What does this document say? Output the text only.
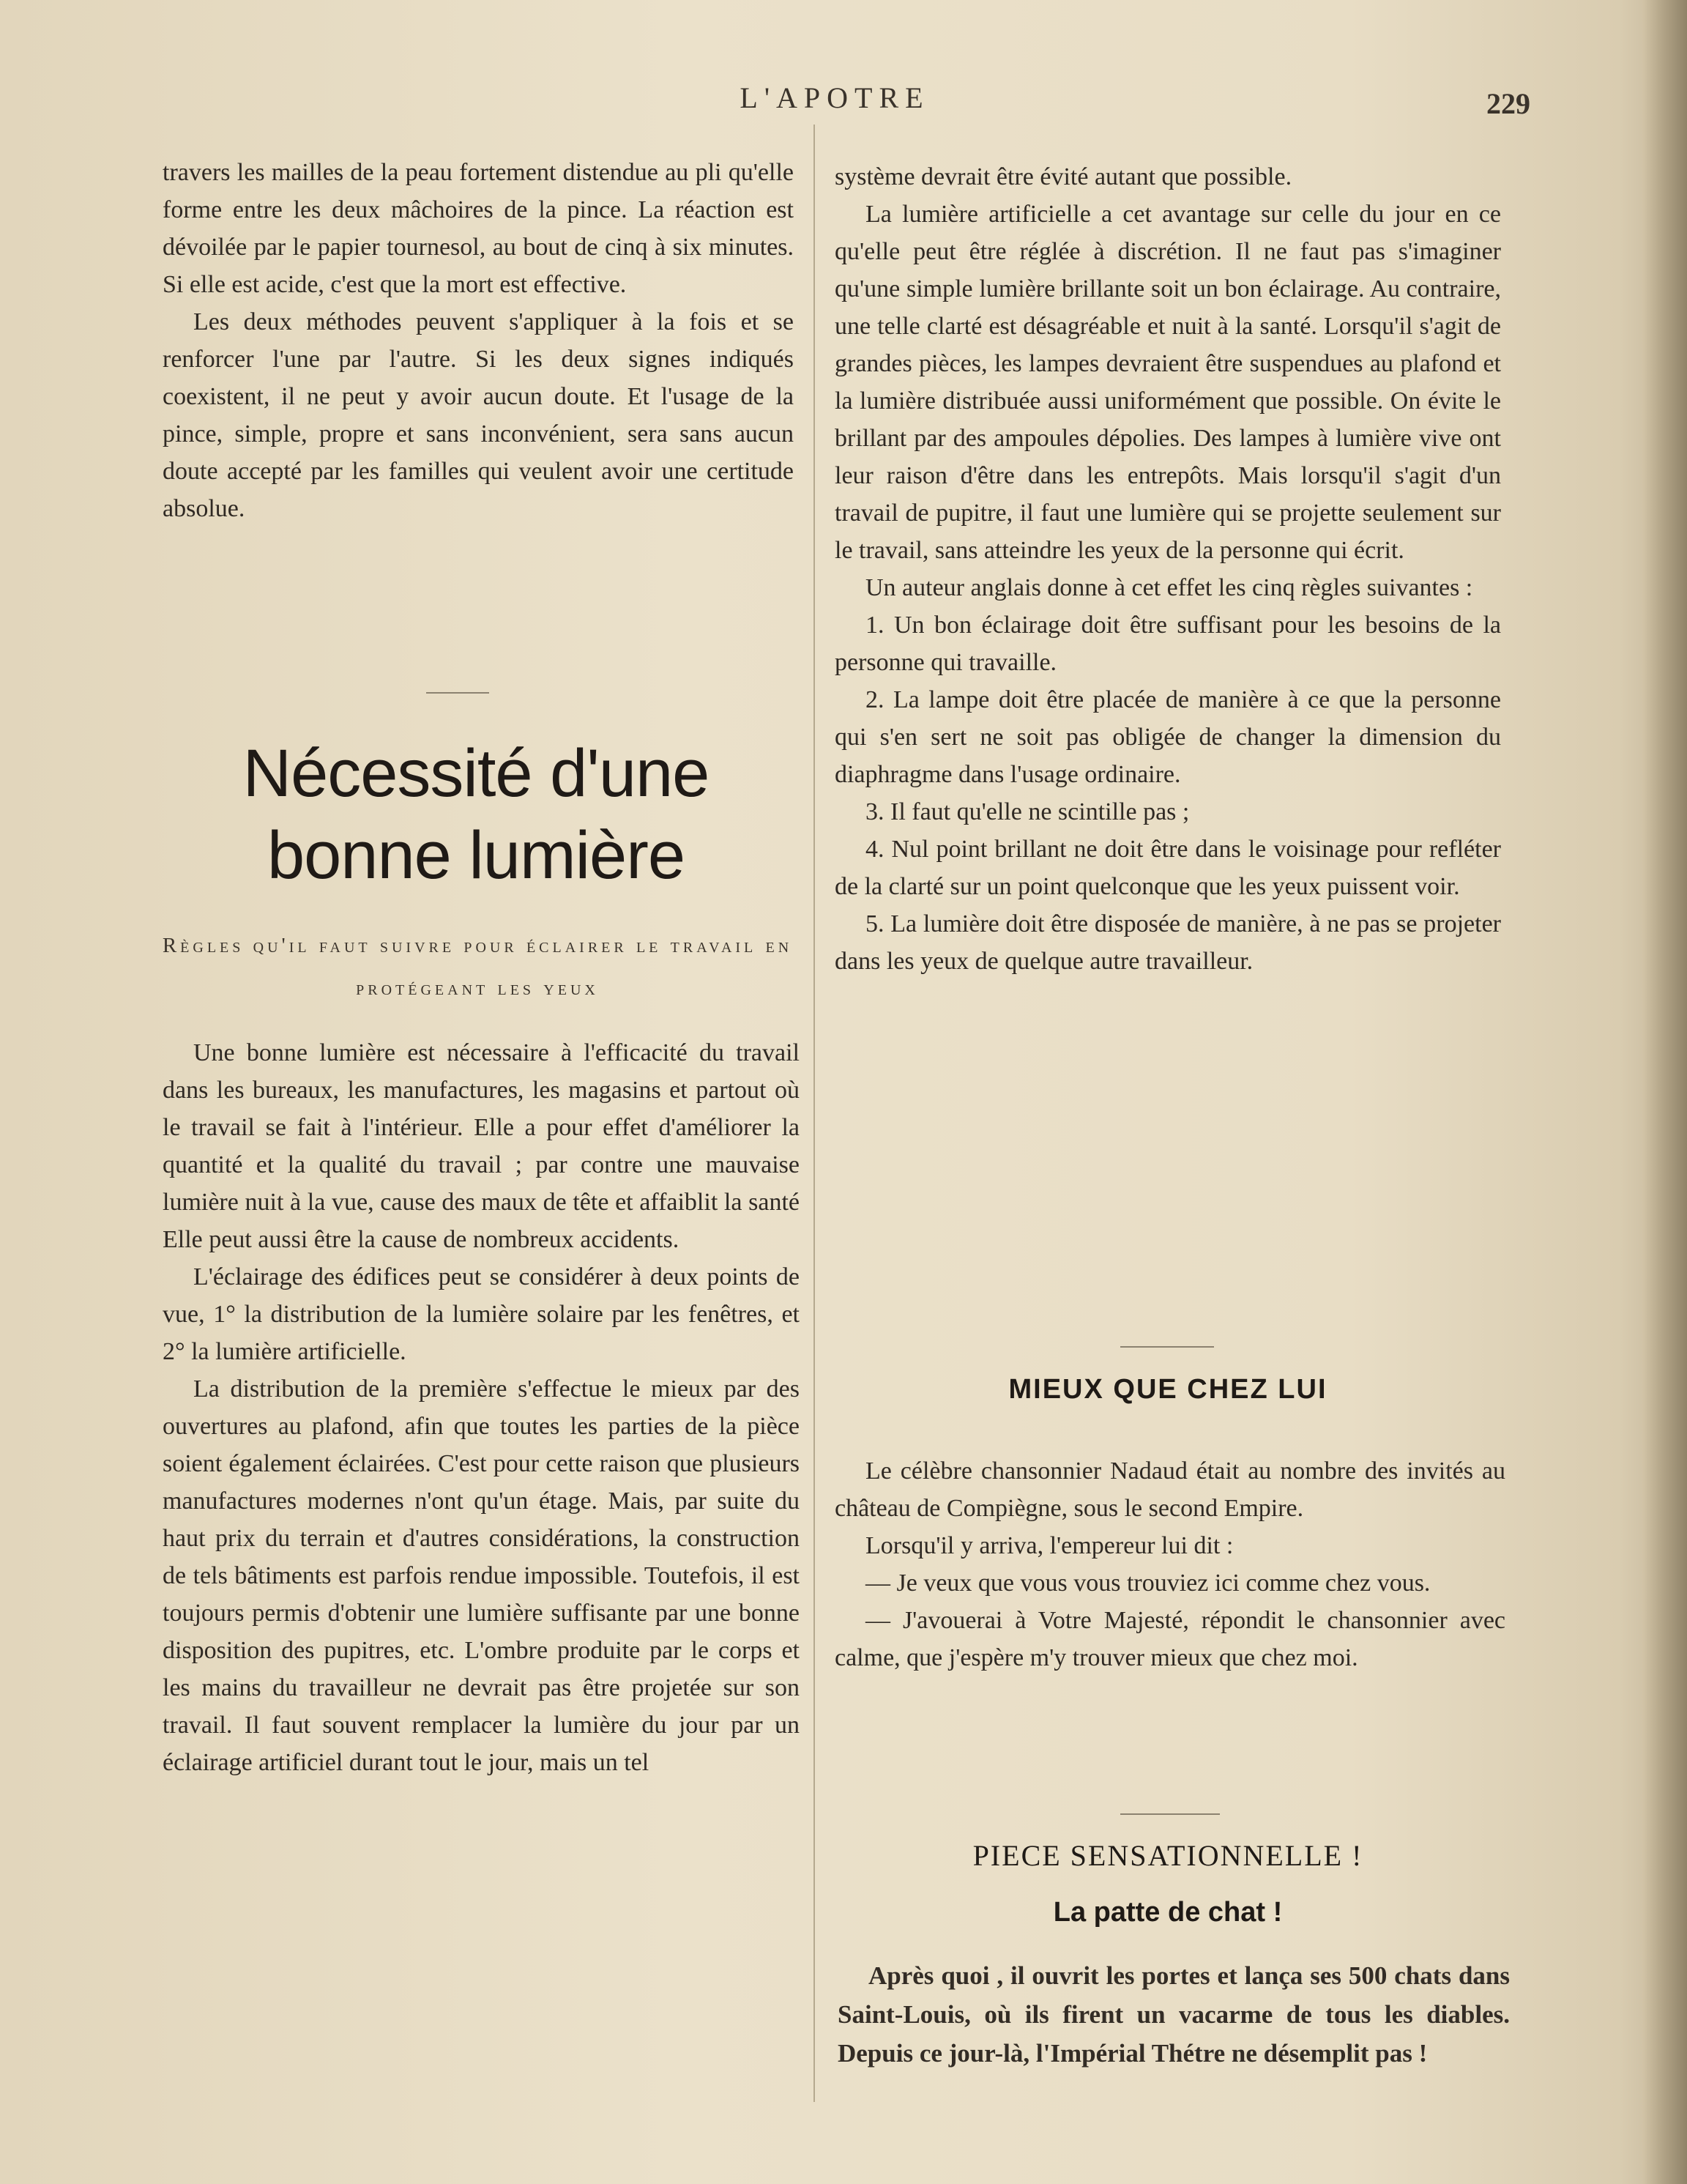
L'APOTRE	229

travers les mailles de la peau fortement distendue au pli qu'elle forme entre les deux mâchoires de la pince. La réaction est dévoilée par le papier tournesol, au bout de cinq à six minutes. Si elle est acide, c'est que la mort est effective.

Les deux méthodes peuvent s'appliquer à la fois et se renforcer l'une par l'autre. Si les deux signes indiqués coexistent, il ne peut y avoir aucun doute. Et l'usage de la pince, simple, propre et sans inconvénient, sera sans aucun doute accepté par les familles qui veulent avoir une certitude absolue.

Nécessité d'une bonne lumière
Règles qu'il faut suivre pour éclairer le travail en protégeant les yeux

Une bonne lumière est nécessaire à l'efficacité du travail dans les bureaux, les manufactures, les magasins et partout où le travail se fait à l'intérieur. Elle a pour effet d'améliorer la quantité et la qualité du travail ; par contre une mauvaise lumière nuit à la vue, cause des maux de tête et affaiblit la santé Elle peut aussi être la cause de nombreux accidents.

L'éclairage des édifices peut se considérer à deux points de vue, 1° la distribution de la lumière solaire par les fenêtres, et 2° la lumière artificielle.

La distribution de la première s'effectue le mieux par des ouvertures au plafond, afin que toutes les parties de la pièce soient également éclairées. C'est pour cette raison que plusieurs manufactures modernes n'ont qu'un étage. Mais, par suite du haut prix du terrain et d'autres considérations, la construction de tels bâtiments est parfois rendue impossible. Toutefois, il est toujours permis d'obtenir une lumière suffisante par une bonne disposition des pupitres, etc. L'ombre produite par le corps et les mains du travailleur ne devrait pas être projetée sur son travail. Il faut souvent remplacer la lumière du jour par un éclairage artificiel durant tout le jour, mais un tel

système devrait être évité autant que possible.

La lumière artificielle a cet avantage sur celle du jour en ce qu'elle peut être réglée à discrétion. Il ne faut pas s'imaginer qu'une simple lumière brillante soit un bon éclairage. Au contraire, une telle clarté est désagréable et nuit à la santé. Lorsqu'il s'agit de grandes pièces, les lampes devraient être suspendues au plafond et la lumière distribuée aussi uniformément que possible. On évite le brillant par des ampoules dépolies. Des lampes à lumière vive ont leur raison d'être dans les entrepôts. Mais lorsqu'il s'agit d'un travail de pupitre, il faut une lumière qui se projette seulement sur le travail, sans atteindre les yeux de la personne qui écrit.

Un auteur anglais donne à cet effet les cinq règles suivantes :

1. Un bon éclairage doit être suffisant pour les besoins de la personne qui travaille.

2. La lampe doit être placée de manière à ce que la personne qui s'en sert ne soit pas obligée de changer la dimension du diaphragme dans l'usage ordinaire.

3. Il faut qu'elle ne scintille pas ;

4. Nul point brillant ne doit être dans le voisinage pour refléter de la clarté sur un point quelconque que les yeux puissent voir.

5. La lumière doit être disposée de manière, à ne pas se projeter dans les yeux de quelque autre travailleur.

MIEUX QUE CHEZ LUI

Le célèbre chansonnier Nadaud était au nombre des invités au château de Compiègne, sous le second Empire.

Lorsqu'il y arriva, l'empereur lui dit :

— Je veux que vous vous trouviez ici comme chez vous.

— J'avouerai à Votre Majesté, répondit le chansonnier avec calme, que j'espère m'y trouver mieux que chez moi.

PIECE SENSATIONNELLE !
La patte de chat !

Après quoi , il ouvrit les portes et lança ses 500 chats dans Saint-Louis, où ils firent un vacarme de tous les diables. Depuis ce jour-là, l'Impérial Thétre ne désemplit pas !
